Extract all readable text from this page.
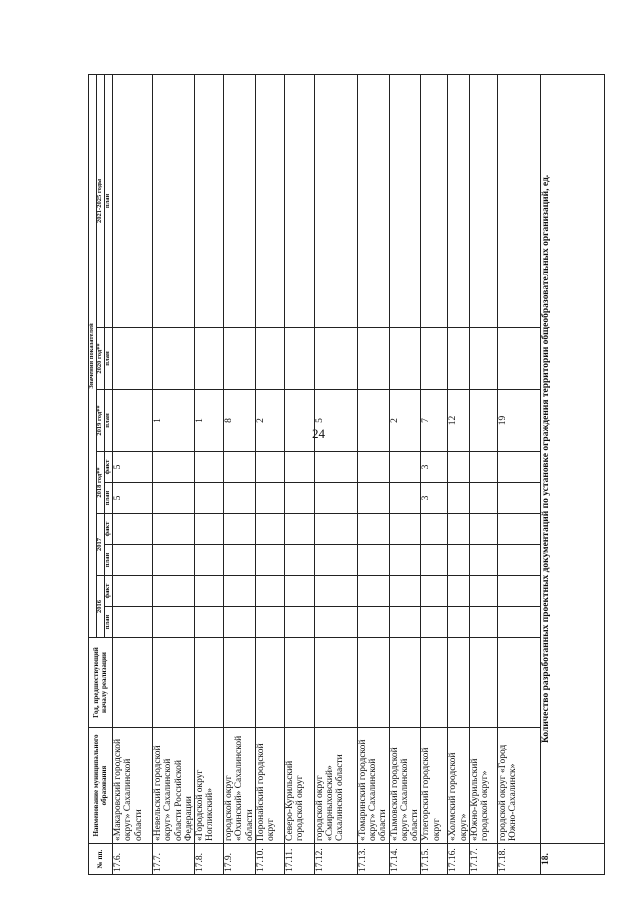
24
№ пп.	Наименование муниципального образования	Год, предшествующий началу реализации	Значения показателей								
			2016		2017		2018 год**		2019 год**	2020 год**	2021-2025 годы
			план	факт	план	факт	план	факт	план	план	план
17.6.	«Макаровский городской округ» Сахалинской области						5	5			
17.7.	«Невельский городской округ» Сахалинской области Российской Федерации								1		
17.8.	«Городской округ Ногликский»								1		
17.9.	городской округ «Охинский» Сахалинской области								8		
17.10.	Поронайский городской округ								2		
17.11.	Северо-Курильский городской округ										
17.12.	городской округ «Смирныховский» Сахалинской области								5		
17.13.	«Томаринский городской округ» Сахалинской области										
17.14.	«Тымовский городской округ» Сахалинской области								2		
17.15.	Углегорский городской округ						3	3	7		
17.16.	«Холмский городской округ»								12		
17.17.	«Южно-Курильский городской округ»										
17.18.	городской округ «Город Южно-Сахалинск»								19		
18.	Количество разработанных проектных документаций по установке ограждения территории общеобразовательных организаций, ед.										
